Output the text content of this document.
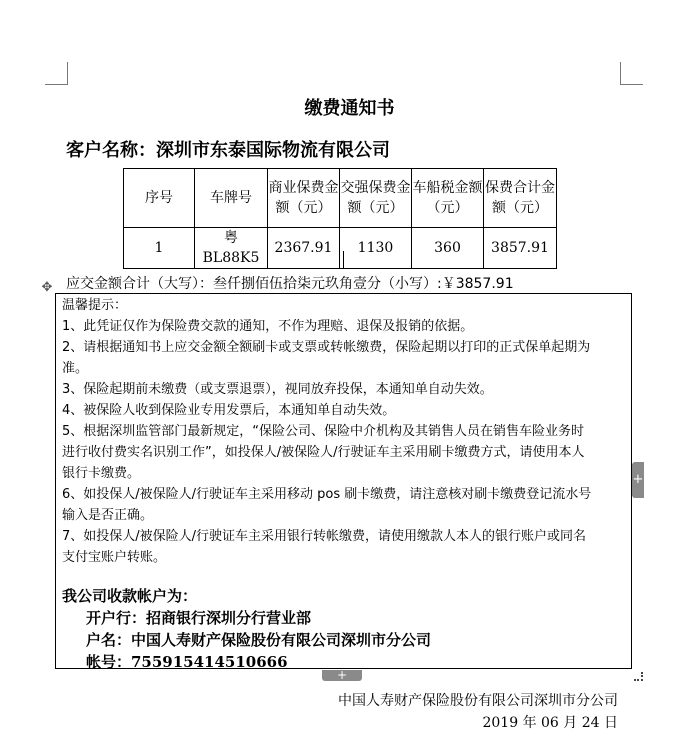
缴费通知书
客户名称：深圳市东泰国际物流有限公司
序号	车牌号	商业保费金额（元）	交强保费金额（元）	车船税金额（元）	保费合计金额（元）
1	粤 BL88K5	2367.91	1130	360	3857.91
应交金额合计（大写）：叁仟捌佰伍拾柒元玖角壹分（小写）:￥3857.91
✥
温馨提示：
1、此凭证仅作为保险费交款的通知，不作为理赔、退保及报销的依据。
2、请根据通知书上应交金额全额刷卡或支票或转帐缴费，保险起期以打印的正式保单起期为
准。
3、保险起期前未缴费（或支票退票），视同放弃投保，本通知单自动失效。
4、被保险人收到保险业专用发票后，本通知单自动失效。
5、根据深圳监管部门最新规定，“保险公司、保险中介机构及其销售人员在销售车险业务时
进行收付费实名识别工作”，如投保人/被保险人/行驶证车主采用刷卡缴费方式，请使用本人
银行卡缴费。
6、如投保人/被保险人/行驶证车主采用移动 pos 刷卡缴费，请注意核对刷卡缴费登记流水号
输入是否正确。
7、如投保人/被保险人/行驶证车主采用银行转帐缴费，请使用缴款人本人的银行账户或同名
支付宝账户转账。
我公司收款帐户为：
开户行：招商银行深圳分行营业部
户名：中国人寿财产保险股份有限公司深圳市分公司
帐号：755915414510666
+
+
中国人寿财产保险股份有限公司深圳市分公司
2019 年 06 月 24 日
